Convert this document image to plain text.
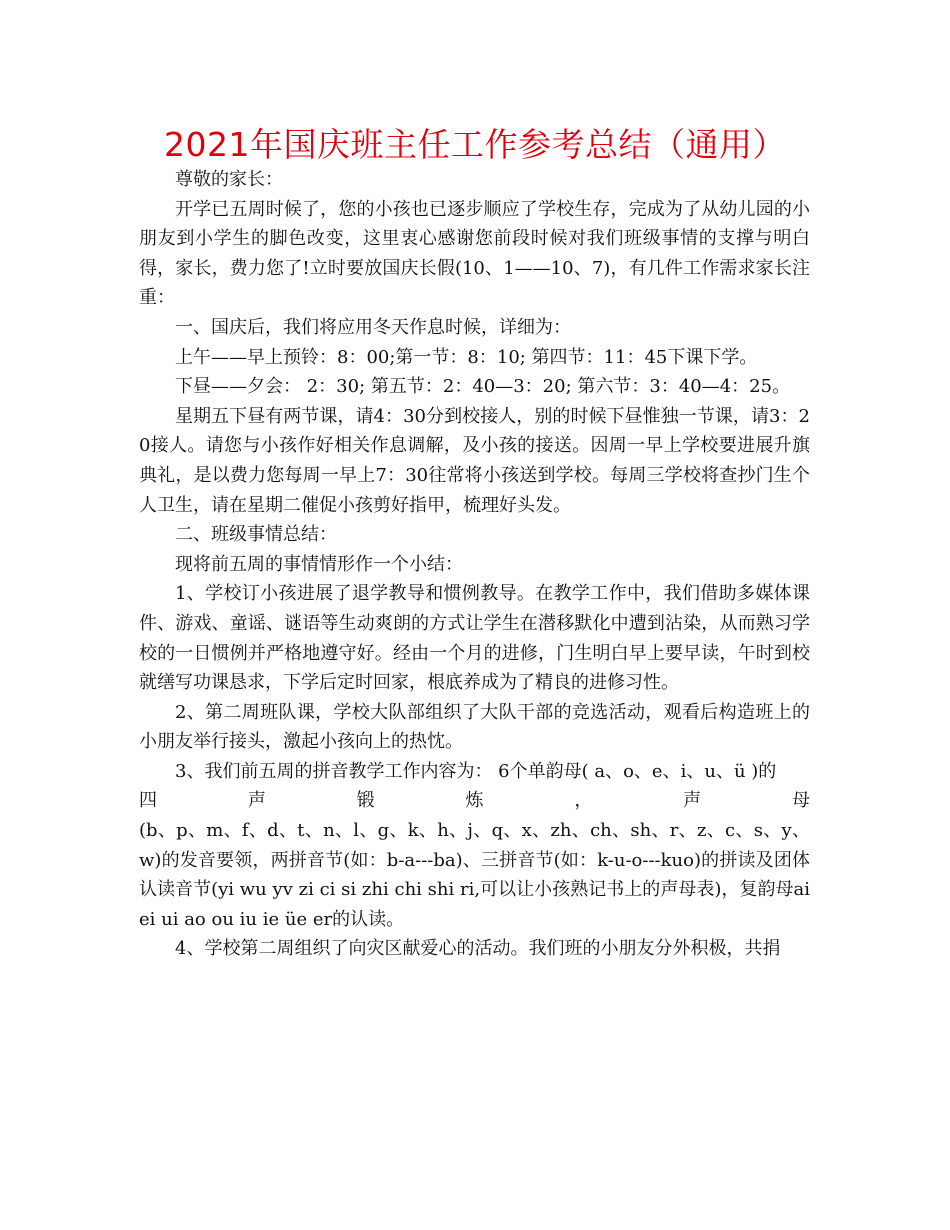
2021年国庆班主任工作参考总结（通用）

尊敬的家长：

开学已五周时候了，您的小孩也已逐步顺应了学校生存，完成为了从幼儿园的小朋友到小学生的脚色改变，这里衷心感谢您前段时候对我们班级事情的支撑与明白得，家长，费力您了!立时要放国庆长假(10、1——10、7)，有几件工作需求家长注重：

一、国庆后，我们将应用冬天作息时候，详细为：

上午——早上预铃：8：00;第一节：8：10; 第四节：11：45下课下学。

下昼——夕会： 2：30; 第五节：2：40—3：20; 第六节：3：40—4：25。

星期五下昼有两节课，请4：30分到校接人，别的时候下昼惟独一节课，请3：20接人。请您与小孩作好相关作息调解，及小孩的接送。因周一早上学校要进展升旗典礼，是以费力您每周一早上7：30往常将小孩送到学校。每周三学校将查抄门生个人卫生，请在星期二催促小孩剪好指甲，梳理好头发。

二、班级事情总结：

现将前五周的事情情形作一个小结：

1、学校订小孩进展了退学教导和惯例教导。在教学工作中，我们借助多媒体课件、游戏、童谣、谜语等生动爽朗的方式让学生在潜移默化中遭到沾染，从而熟习学校的一日惯例并严格地遵守好。经由一个月的进修，门生明白早上要早读，午时到校就缮写功课恳求，下学后定时回家，根底养成为了精良的进修习性。

2、第二周班队课，学校大队部组织了大队干部的竞选活动，观看后构造班上的小朋友举行接头，激起小孩向上的热忱。

3、我们前五周的拼音教学工作内容为： 6个单韵母( a、o、e、i、u、ü )的

四	声	锻	炼	，	声	母

(b、p、m、f、d、t、n、l、g、k、h、j、q、x、zh、ch、sh、r、z、c、s、y、w)的发音要领，两拼音节(如：b-a---ba)、三拼音节(如：k-u-o---kuo)的拼读及团体认读音节(yi wu yv zi ci si zhi chi shi ri,可以让小孩熟记书上的声母表)，复韵母ai ei ui ao ou iu ie üe er的认读。

4、学校第二周组织了向灾区献爱心的活动。我们班的小朋友分外积极，共捐
